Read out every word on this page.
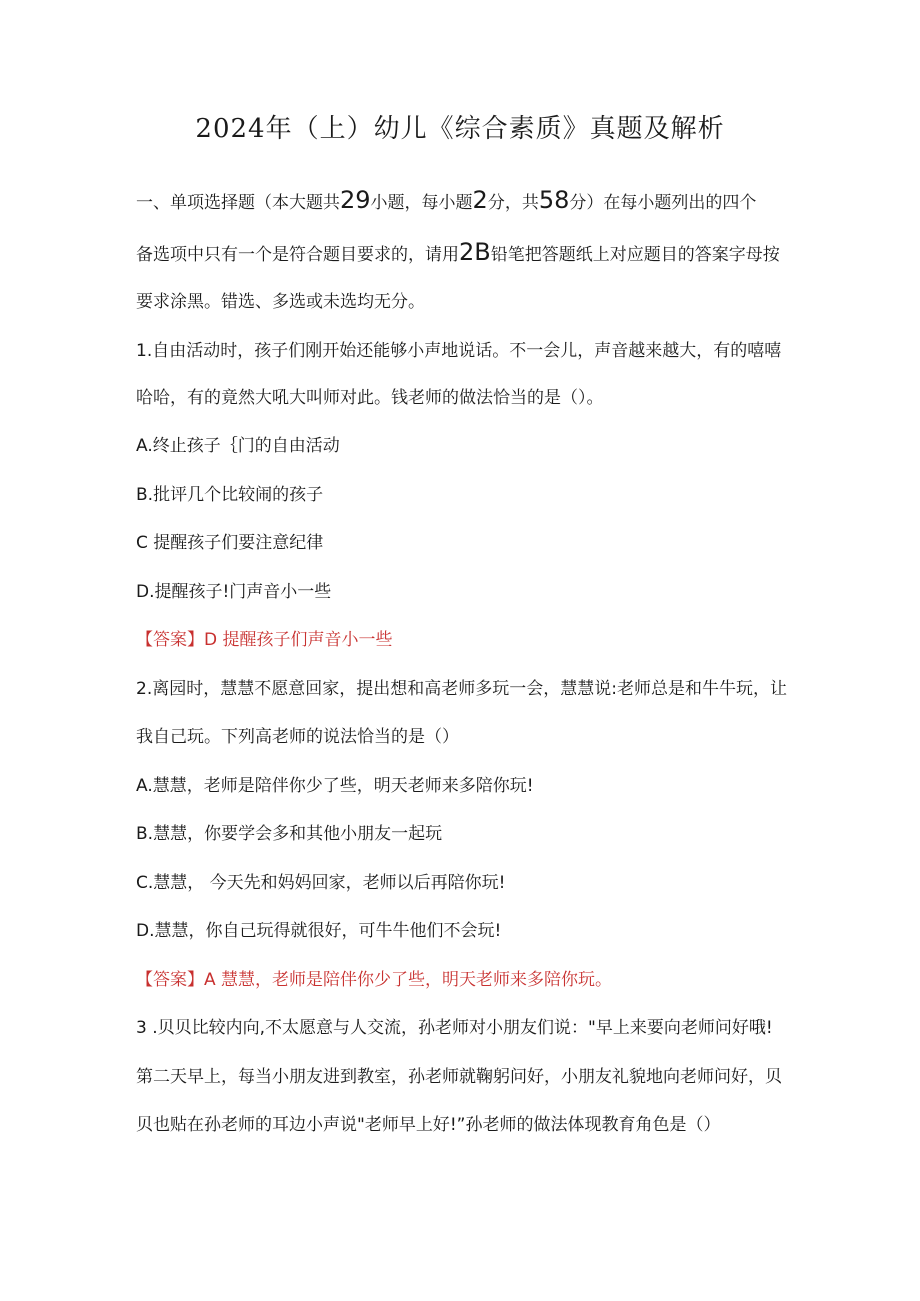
2024年（上）幼儿《综合素质》真题及解析

一、单项选择题（本大题共29小题，每小题2分，共58分）在每小题列出的四个

备选项中只有一个是符合题目要求的，请用2B铅笔把答题纸上对应题目的答案字母按

要求涂黑。错选、多选或未选均无分。

1.自由活动时，孩子们刚开始还能够小声地说话。不一会儿，声音越来越大，有的嘻嘻

哈哈，有的竟然大吼大叫师对此。钱老师的做法恰当的是（）。

A.终止孩子｛门的自由活动

B.批评几个比较闹的孩子

C 提醒孩子们要注意纪律

D.提醒孩子!门声音小一些

【答案】D 提醒孩子们声音小一些

2.离园时，慧慧不愿意回家，提出想和高老师多玩一会，慧慧说:老师总是和牛牛玩，让

我自己玩。下列高老师的说法恰当的是（）

A.慧慧，老师是陪伴你少了些，明天老师来多陪你玩!

B.慧慧，你要学会多和其他小朋友一起玩

C.慧慧， 今天先和妈妈回家，老师以后再陪你玩!

D.慧慧，你自己玩得就很好，可牛牛他们不会玩!

【答案】A 慧慧，老师是陪伴你少了些，明天老师来多陪你玩。

3 .贝贝比较内向,不太愿意与人交流，孙老师对小朋友们说："早上来要向老师问好哦!

第二天早上，每当小朋友进到教室，孙老师就鞠躬问好，小朋友礼貌地向老师问好，贝

贝也贴在孙老师的耳边小声说"老师早上好!”孙老师的做法体现教育角色是（）
